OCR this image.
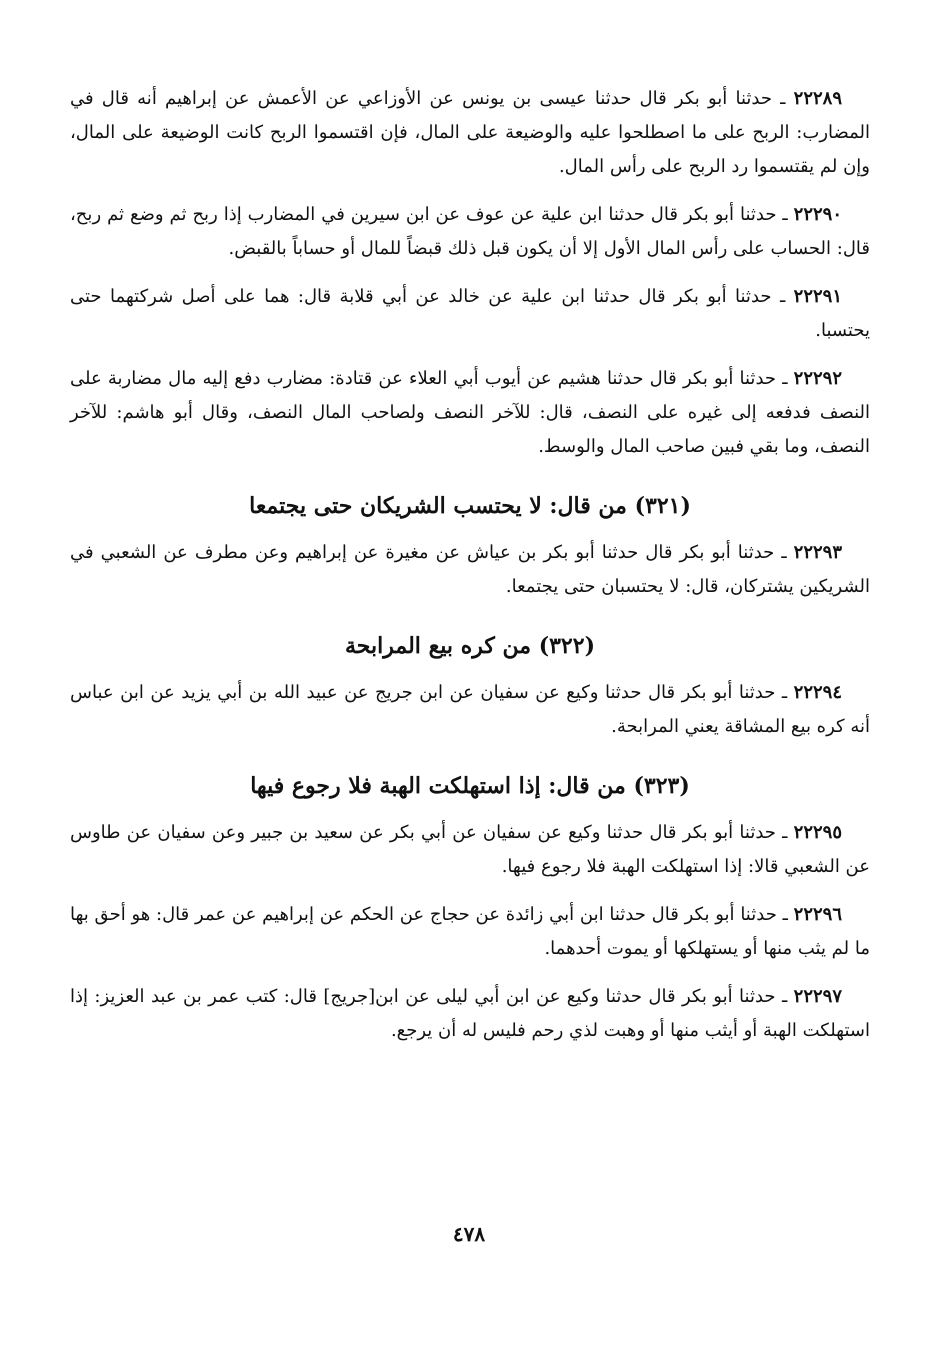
٢٢٢٨٩ ـ حدثنا أبو بكر قال حدثنا عيسى بن يونس عن الأوزاعي عن الأعمش عن إبراهيم أنه قال في المضارب: الربح على ما اصطلحوا عليه والوضيعة على المال، فإن اقتسموا الربح كانت الوضيعة على المال، وإن لم يقتسموا رد الربح على رأس المال.

٢٢٢٩٠ ـ حدثنا أبو بكر قال حدثنا ابن علية عن عوف عن ابن سيرين في المضارب إذا ربح ثم وضع ثم ربح، قال: الحساب على رأس المال الأول إلا أن يكون قبل ذلك قبضاً للمال أو حساباً بالقبض.

٢٢٢٩١ ـ حدثنا أبو بكر قال حدثنا ابن علية عن خالد عن أبي قلابة قال: هما على أصل شركتهما حتى يحتسبا.

٢٢٢٩٢ ـ حدثنا أبو بكر قال حدثنا هشيم عن أيوب أبي العلاء عن قتادة: مضارب دفع إليه مال مضاربة على النصف فدفعه إلى غيره على النصف، قال: للآخر النصف ولصاحب المال النصف، وقال أبو هاشم: للآخر النصف، وما بقي فبين صاحب المال والوسط.

(٣٢١) من قال: لا يحتسب الشريكان حتى يجتمعا

٢٢٢٩٣ ـ حدثنا أبو بكر قال حدثنا أبو بكر بن عياش عن مغيرة عن إبراهيم وعن مطرف عن الشعبي في الشريكين يشتركان، قال: لا يحتسبان حتى يجتمعا.

(٣٢٢) من كره بيع المرابحة

٢٢٢٩٤ ـ حدثنا أبو بكر قال حدثنا وكيع عن سفيان عن ابن جريج عن عبيد الله بن أبي يزيد عن ابن عباس أنه كره بيع المشاقة يعني المرابحة.

(٣٢٣) من قال: إذا استهلكت الهبة فلا رجوع فيها

٢٢٢٩٥ ـ حدثنا أبو بكر قال حدثنا وكيع عن سفيان عن أبي بكر عن سعيد بن جبير وعن سفيان عن طاوس عن الشعبي قالا: إذا استهلكت الهبة فلا رجوع فيها.

٢٢٢٩٦ ـ حدثنا أبو بكر قال حدثنا ابن أبي زائدة عن حجاج عن الحكم عن إبراهيم عن عمر قال: هو أحق بها ما لم يثب منها أو يستهلكها أو يموت أحدهما.

٢٢٢٩٧ ـ حدثنا أبو بكر قال حدثنا وكيع عن ابن أبي ليلى عن ابن[جريج] قال: كتب عمر بن عبد العزيز: إذا استهلكت الهبة أو أيثب منها أو وهبت لذي رحم فليس له أن يرجع.

٤٧٨
